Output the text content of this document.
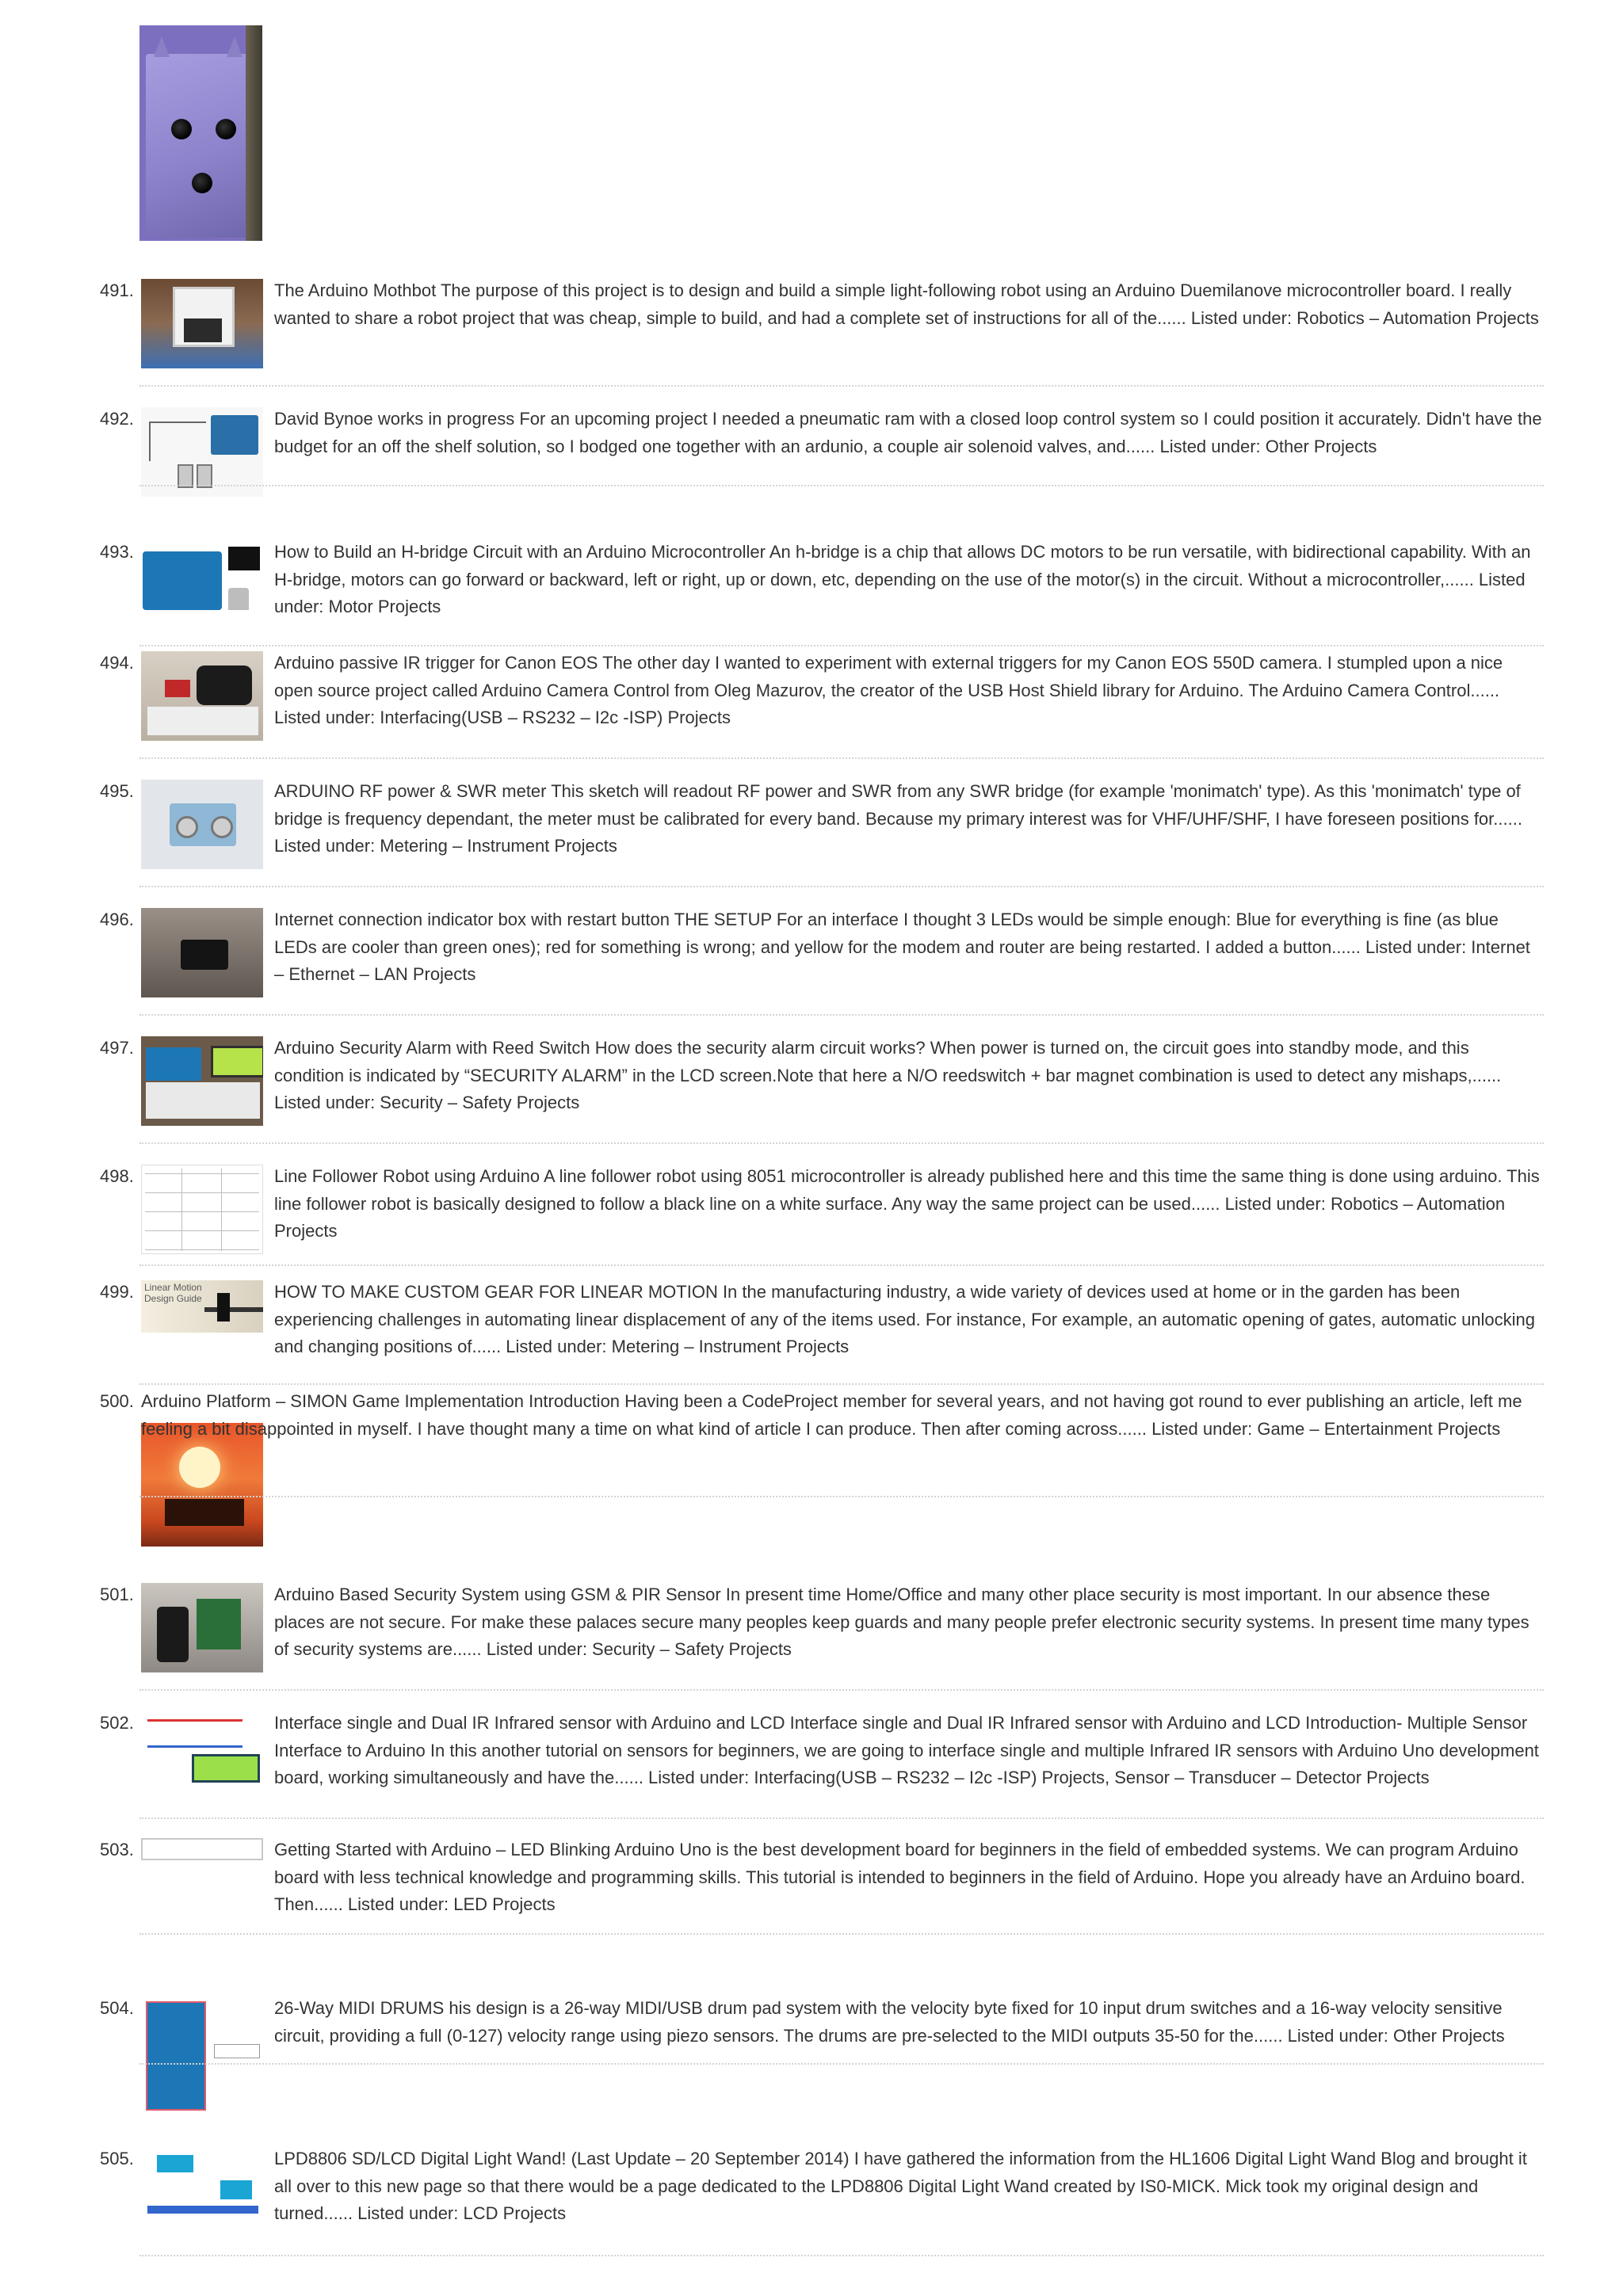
491.	The Arduino Mothbot The purpose of this project is to design and build a simple light-following robot using an Arduino Duemilanove microcontroller board. I really wanted to share a robot project that was cheap, simple to build, and had a complete set of instructions for all of the...... Listed under: Robotics – Automation Projects
492.	David Bynoe works in progress For an upcoming project I needed a pneumatic ram with a closed loop control system so I could position it accurately. Didn't have the budget for an off the shelf solution, so I bodged one together with an ardunio, a couple air solenoid valves, and...... Listed under: Other Projects
493.	How to Build an H-bridge Circuit with an Arduino Microcontroller An h-bridge is a chip that allows DC motors to be run versatile, with bidirectional capability. With an H-bridge, motors can go forward or backward, left or right, up or down, etc, depending on the use of the motor(s) in the circuit. Without a microcontroller,...... Listed under: Motor Projects
494.	Arduino passive IR trigger for Canon EOS The other day I wanted to experiment with external triggers for my Canon EOS 550D camera. I stumpled upon a nice open source project called Arduino Camera Control from Oleg Mazurov, the creator of the USB Host Shield library for Arduino. The Arduino Camera Control...... Listed under: Interfacing(USB – RS232 – I2c -ISP) Projects
495.	ARDUINO RF power & SWR meter This sketch will readout RF power and SWR from any SWR bridge (for example 'monimatch' type). As this 'monimatch' type of bridge is frequency dependant, the meter must be calibrated for every band. Because my primary interest was for VHF/UHF/SHF, I have foreseen positions for...... Listed under: Metering – Instrument Projects
496.	Internet connection indicator box with restart button THE SETUP For an interface I thought 3 LEDs would be simple enough: Blue for everything is fine (as blue LEDs are cooler than green ones); red for something is wrong; and yellow for the modem and router are being restarted. I added a button...... Listed under: Internet – Ethernet – LAN Projects
497.	Arduino Security Alarm with Reed Switch How does the security alarm circuit works? When power is turned on, the circuit goes into standby mode, and this condition is indicated by “SECURITY ALARM” in the LCD screen.Note that here a N/O reedswitch + bar magnet combination is used to detect any mishaps,...... Listed under: Security – Safety Projects
498.	Line Follower Robot using Arduino A line follower robot using 8051 microcontroller is already published here and this time the same thing is done using arduino. This line follower robot is basically designed to follow a black line on a white surface. Any way the same project can be used...... Listed under: Robotics – Automation Projects
499. Linear Motion Design Guide	HOW TO MAKE CUSTOM GEAR FOR LINEAR MOTION In the manufacturing industry, a wide variety of devices used at home or in the garden has been experiencing challenges in automating linear displacement of any of the items used. For instance, For example, an automatic opening of gates, automatic unlocking and changing positions of...... Listed under: Metering – Instrument Projects
500. Arduino Platform – SIMON Game Implementation Introduction Having been a CodeProject member for several years, and not having got round to ever publishing an article, left me feeling a bit disappointed in myself. I have thought many a time on what kind of article I can produce. Then after coming across...... Listed under: Game – Entertainment Projects
501.	Arduino Based Security System using GSM & PIR Sensor In present time Home/Office and many other place security is most important. In our absence these places are not secure. For make these palaces secure many peoples keep guards and many people prefer electronic security systems. In present time many types of security systems are...... Listed under: Security – Safety Projects
502.	Interface single and Dual IR Infrared sensor with Arduino and LCD Interface single and Dual IR Infrared sensor with Arduino and LCD Introduction- Multiple Sensor Interface to Arduino In this another tutorial on sensors for beginners, we are going to interface single and multiple Infrared IR sensors with Arduino Uno development board, working simultaneously and have the...... Listed under: Interfacing(USB – RS232 – I2c -ISP) Projects, Sensor – Transducer – Detector Projects
503.	Getting Started with Arduino – LED Blinking Arduino Uno is the best development board for beginners in the field of embedded systems. We can program Arduino board with less technical knowledge and programming skills. This tutorial is intended to beginners in the field of Arduino. Hope you already have an Arduino board. Then...... Listed under: LED Projects
504.	26-Way MIDI DRUMS his design is a 26-way MIDI/USB drum pad system with the velocity byte fixed for 10 input drum switches and a 16-way velocity sensitive circuit, providing a full (0-127) velocity range using piezo sensors. The drums are pre-selected to the MIDI outputs 35-50 for the...... Listed under: Other Projects
505.	LPD8806 SD/LCD Digital Light Wand! (Last Update – 20 September 2014) I have gathered the information from the HL1606 Digital Light Wand Blog and brought it all over to this new page so that there would be a page dedicated to the LPD8806 Digital Light Wand created by IS0-MICK. Mick took my original design and turned...... Listed under: LCD Projects
